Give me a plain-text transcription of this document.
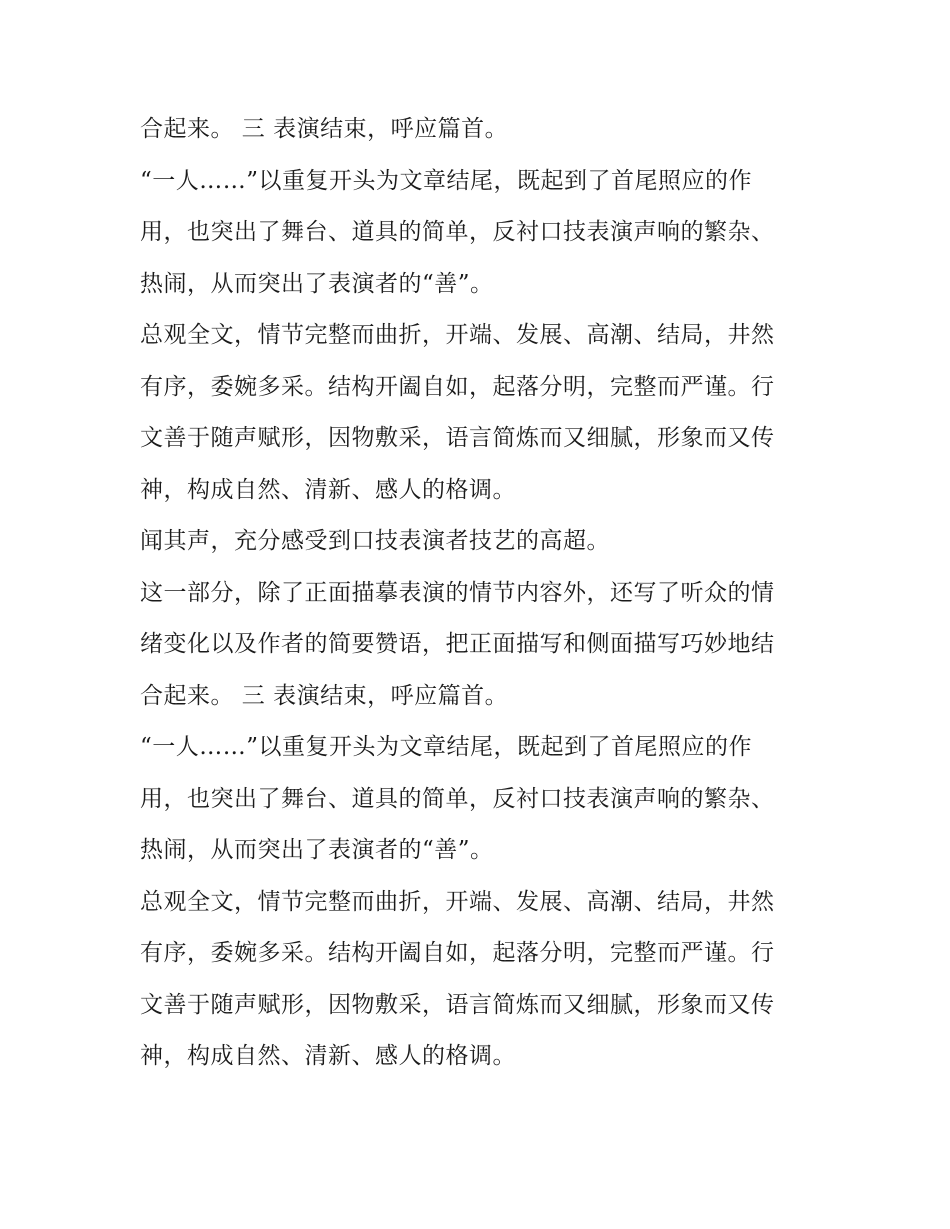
合起来。 三 表演结束，呼应篇首。
“一人……”以重复开头为文章结尾，既起到了首尾照应的作
用，也突出了舞台、道具的简单，反衬口技表演声响的繁杂、
热闹，从而突出了表演者的“善”。
总观全文，情节完整而曲折，开端、发展、高潮、结局，井然
有序，委婉多采。结构开阖自如，起落分明，完整而严谨。行
文善于随声赋形，因物敷采，语言简炼而又细腻，形象而又传
神，构成自然、清新、感人的格调。
闻其声，充分感受到口技表演者技艺的高超。
这一部分，除了正面描摹表演的情节内容外，还写了听众的情
绪变化以及作者的简要赞语，把正面描写和侧面描写巧妙地结
合起来。 三 表演结束，呼应篇首。
“一人……”以重复开头为文章结尾，既起到了首尾照应的作
用，也突出了舞台、道具的简单，反衬口技表演声响的繁杂、
热闹，从而突出了表演者的“善”。
总观全文，情节完整而曲折，开端、发展、高潮、结局，井然
有序，委婉多采。结构开阖自如，起落分明，完整而严谨。行
文善于随声赋形，因物敷采，语言简炼而又细腻，形象而又传
神，构成自然、清新、感人的格调。
